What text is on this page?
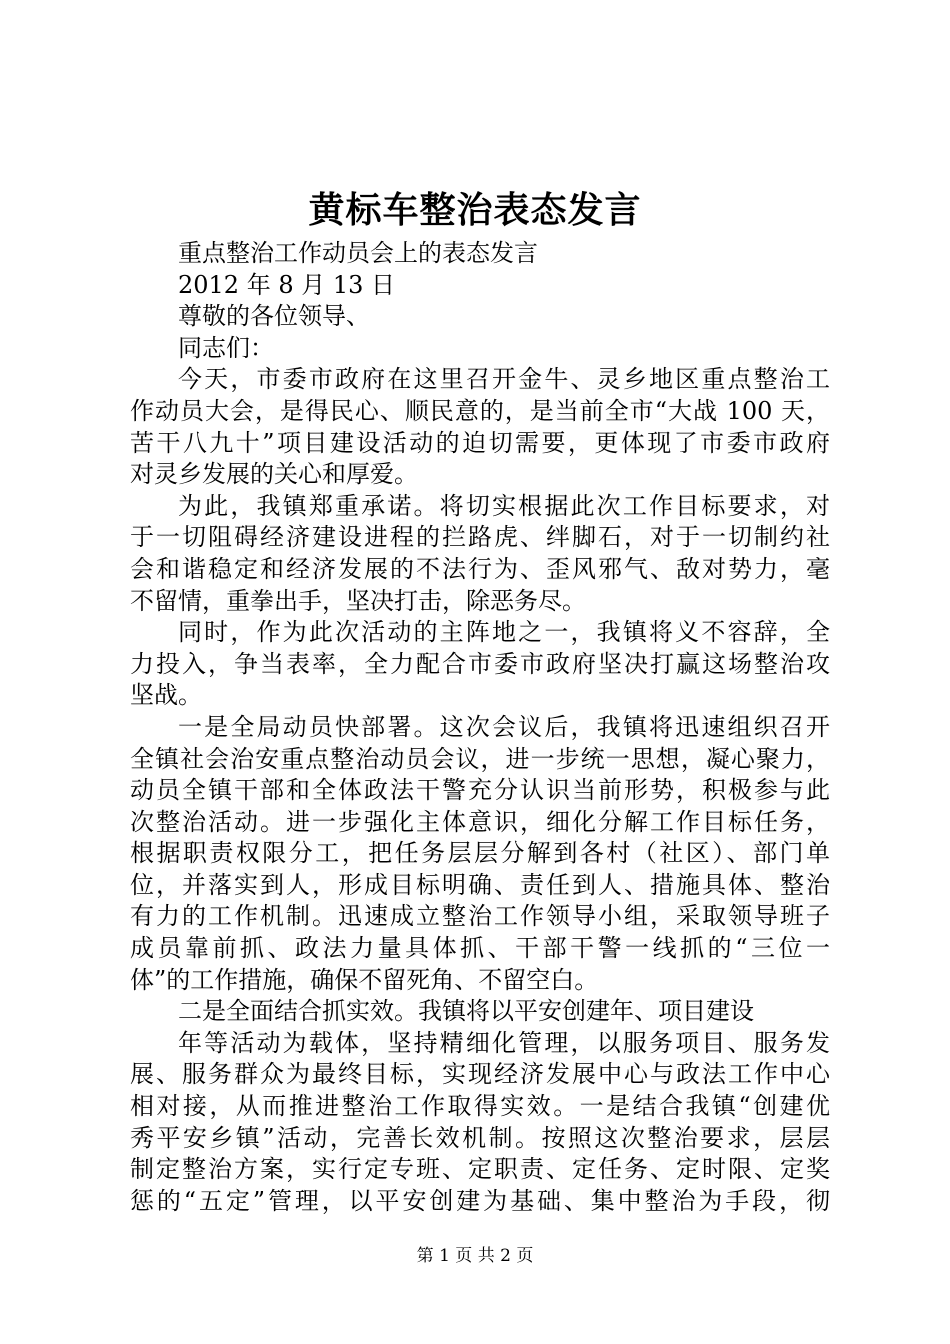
黄标车整治表态发言
重点整治工作动员会上的表态发言
2012 年 8 月 13 日
尊敬的各位领导、
同志们：
今天，市委市政府在这里召开金牛、灵乡地区重点整治工
作动员大会，是得民心、顺民意的，是当前全市“大战 100 天，
苦干八九十”项目建设活动的迫切需要，更体现了市委市政府
对灵乡发展的关心和厚爱。
为此，我镇郑重承诺。将切实根据此次工作目标要求，对
于一切阻碍经济建设进程的拦路虎、绊脚石，对于一切制约社
会和谐稳定和经济发展的不法行为、歪风邪气、敌对势力，毫
不留情，重拳出手，坚决打击，除恶务尽。
同时，作为此次活动的主阵地之一，我镇将义不容辞，全
力投入，争当表率，全力配合市委市政府坚决打赢这场整治攻
坚战。
一是全局动员快部署。这次会议后，我镇将迅速组织召开
全镇社会治安重点整治动员会议，进一步统一思想，凝心聚力，
动员全镇干部和全体政法干警充分认识当前形势，积极参与此
次整治活动。进一步强化主体意识，细化分解工作目标任务，
根据职责权限分工，把任务层层分解到各村（社区）、部门单
位，并落实到人，形成目标明确、责任到人、措施具体、整治
有力的工作机制。迅速成立整治工作领导小组，采取领导班子
成员靠前抓、政法力量具体抓、干部干警一线抓的“三位一
体”的工作措施，确保不留死角、不留空白。
二是全面结合抓实效。我镇将以平安创建年、项目建设
年等活动为载体，坚持精细化管理，以服务项目、服务发
展、服务群众为最终目标，实现经济发展中心与政法工作中心
相对接，从而推进整治工作取得实效。一是结合我镇“创建优
秀平安乡镇”活动，完善长效机制。按照这次整治要求，层层
制定整治方案，实行定专班、定职责、定任务、定时限、定奖
惩的“五定”管理，以平安创建为基础、集中整治为手段，彻
第 1 页 共 2 页
